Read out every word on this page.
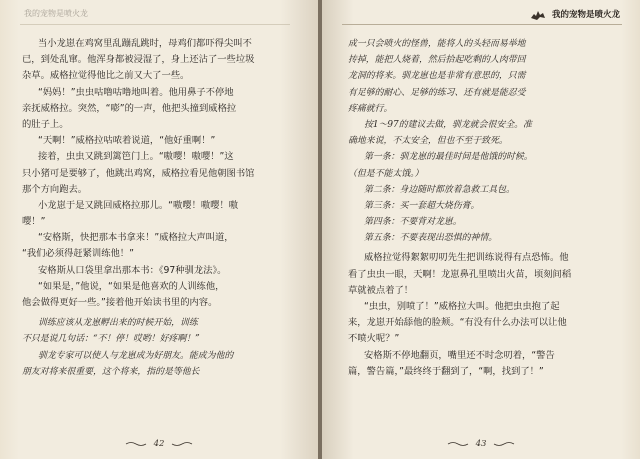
我的宠物是喷火龙
当小龙崽在鸡窝里乱蹦乱跳时，母鸡们都吓得尖叫不
已，到处乱窜。他浑身都被浸湿了，身上还沾了一些垃圾
杂草。威格拉觉得他比之前又大了一些。
“妈妈！”虫虫咕噜咕噜地叫着。他用鼻子不停地
亲抚威格拉。突然，“嘭”的一声，他把头撞到威格拉
的肚子上。
“天啊！”威格拉咕哝着说道，“他好重啊！”
接着，虫虫又跳到篱笆门上。“嗷嘤！嗷嘤！”这
只小猪可是要够了，他跳出鸡窝，威格拉看见他朝图书馆
那个方向跑去。
小龙崽于是又跳回威格拉那儿。“嗷嘤！嗷嘤！嗷
嘤！”
“安格斯，快把那本书拿来！”威格拉大声叫道，
“我们必须得赶紧训练他！”
安格斯从口袋里拿出那本书：《97种驯龙法》。
“如果是，”他说，“如果是他喜欢的人训练他，
他会做得更好一些。”接着他开始读书里的内容。
训练应该从龙崽孵出来的时候开始，训练
不只是说几句话：“不！停！哎哟！好疼啊！”
驯龙专家可以使人与龙崽成为好朋友。能成为他的
朋友对将来很重要，这个将来，指的是等他长
42
我的宠物是喷火龙
成一只会喷火的怪兽，能将人的头轻而易举地
抟掉，能把人烧着，然后拾起吃剩的人肉带回
龙洞的将来。驯龙崽也是非常有意思的，只需
有足够的耐心、足够的练习、还有就是能忍受
疼痛就行。
按1～97的建议去做，驯龙就会很安全。准
确地来说，不太安全，但也不至于致死。
第一条：驯龙崽的最佳时间是他饿的时候。
（但是不能太饿。）
第二条：身边随时都放着急救工具包。
第三条：买一套超大烧伤膏。
第四条：不要背对龙崽。
第五条：不要表现出恐惧的神情。
威格拉觉得絮絮叨叨先生把训练说得有点恐怖。他
看了虫虫一眼，天啊！龙崽鼻孔里喷出火苗，顷刻间稻
草就被点着了！
“虫虫，别喷了！”威格拉大叫。他把虫虫抱了起
来，龙崽开始舔他的脸颊。“有没有什么办法可以让他
不喷火呢？”
安格斯不停地翻页，嘴里还不时念叨着，“警告
篇，警告篇，”最终终于翻到了，“啊，找到了！”
43
